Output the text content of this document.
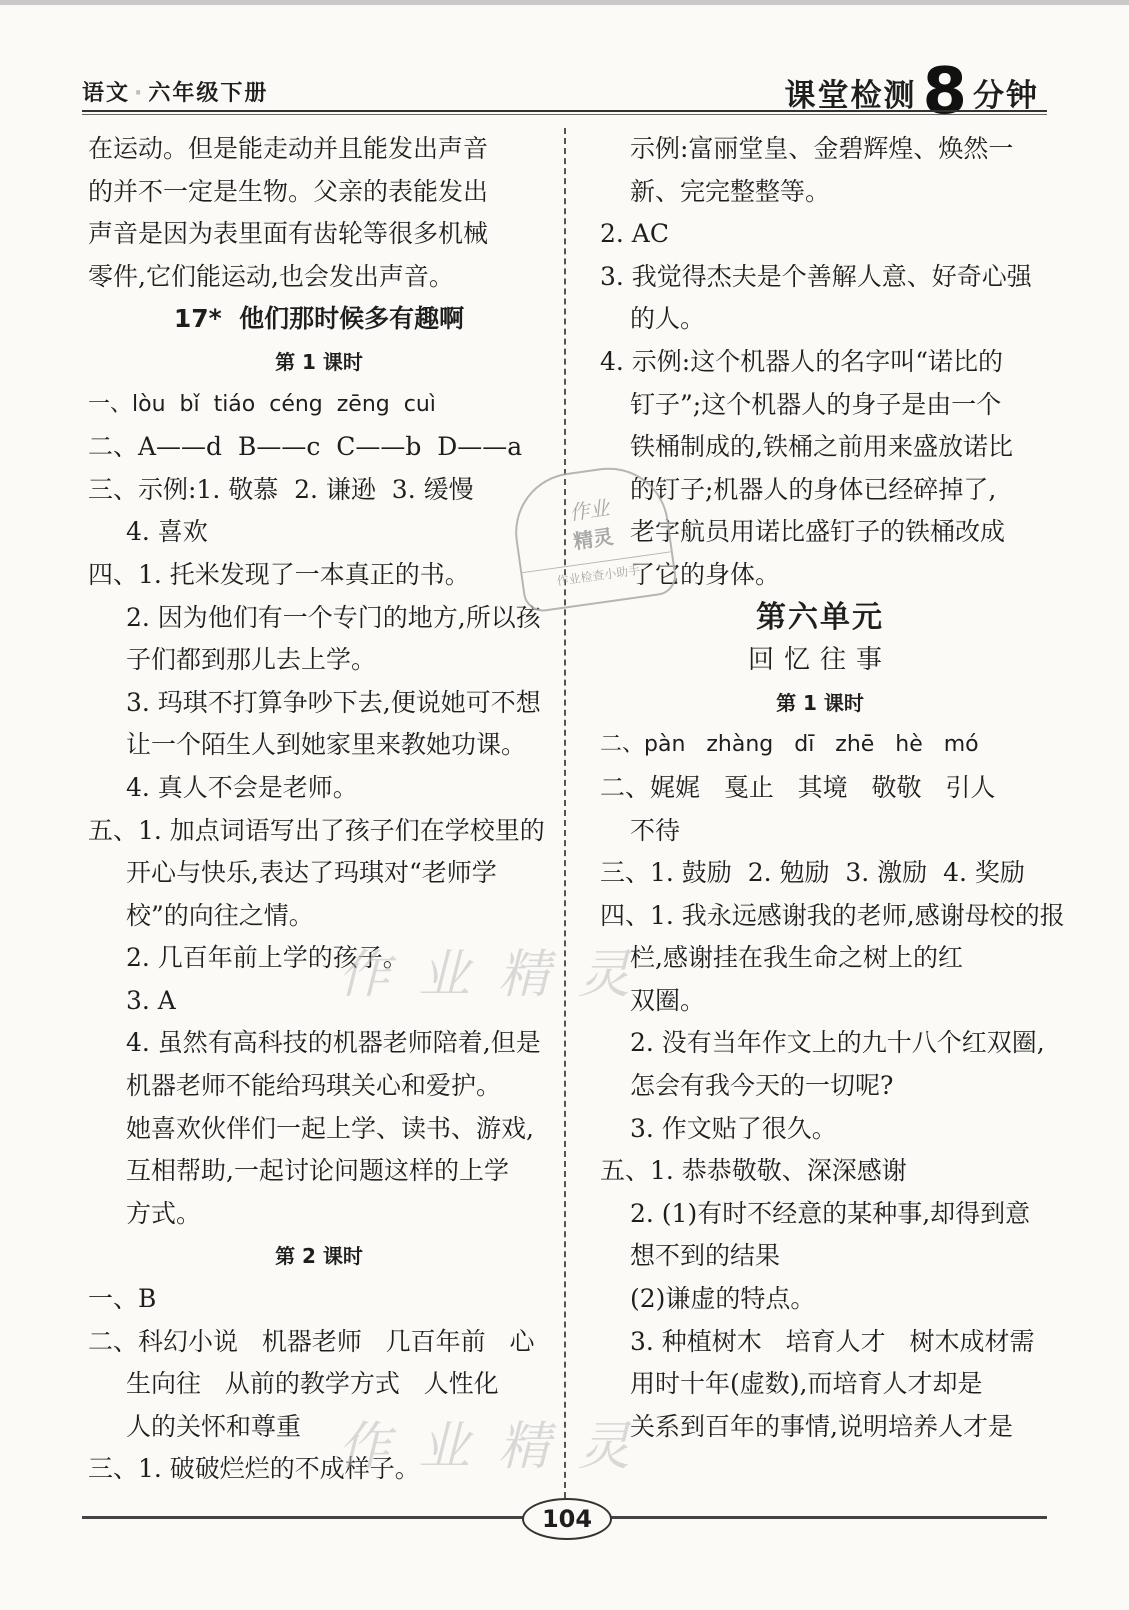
语文 · 六年级下册	课堂检测 8 分钟
在运动。但是能走动并且能发出声音
的并不一定是生物。父亲的表能发出
声音是因为表里面有齿轮等很多机械
零件,它们能运动,也会发出声音。
17*  他们那时候多有趣啊
第 1 课时
一、lòu  bǐ  tiáo  céng  zēng  cuì
二、A——d  B——c  C——b  D——a
三、示例:1. 敬慕  2. 谦逊  3. 缓慢
4. 喜欢
四、1. 托米发现了一本真正的书。
2. 因为他们有一个专门的地方,所以孩
子们都到那儿去上学。
3. 玛琪不打算争吵下去,便说她可不想
让一个陌生人到她家里来教她功课。
4. 真人不会是老师。
五、1. 加点词语写出了孩子们在学校里的
开心与快乐,表达了玛琪对“老师学
校”的向往之情。
2. 几百年前上学的孩子。
3. A
4. 虽然有高科技的机器老师陪着,但是
机器老师不能给玛琪关心和爱护。
她喜欢伙伴们一起上学、读书、游戏,
互相帮助,一起讨论问题这样的上学
方式。
第 2 课时
一、B
二、科幻小说   机器老师   几百年前   心
生向往   从前的教学方式   人性化
人的关怀和尊重
三、1. 破破烂烂的不成样子。
示例:富丽堂皇、金碧辉煌、焕然一
新、完完整整等。
2. AC
3. 我觉得杰夫是个善解人意、好奇心强
的人。
4. 示例:这个机器人的名字叫“诺比的
钉子”;这个机器人的身子是由一个
铁桶制成的,铁桶之前用来盛放诺比
的钉子;机器人的身体已经碎掉了,
老字航员用诺比盛钉子的铁桶改成
了它的身体。
第六单元
回忆往事
第 1 课时
二、pàn   zhàng   dī   zhē   hè   mó
二、娓娓   戛止   其境   敬敬   引人
不待
三、1. 鼓励  2. 勉励  3. 激励  4. 奖励
四、1. 我永远感谢我的老师,感谢母校的报
栏,感谢挂在我生命之树上的红
双圈。
2. 没有当年作文上的九十八个红双圈,
怎会有我今天的一切呢?
3. 作文贴了很久。
五、1. 恭恭敬敬、深深感谢
2. (1)有时不经意的某种事,却得到意
想不到的结果
(2)谦虚的特点。
3. 种植树木   培育人才   树木成材需
用时十年(虚数),而培育人才却是
关系到百年的事情,说明培养人才是
作业
精灵
作业检查小助手
作业精灵
作业精灵
104
